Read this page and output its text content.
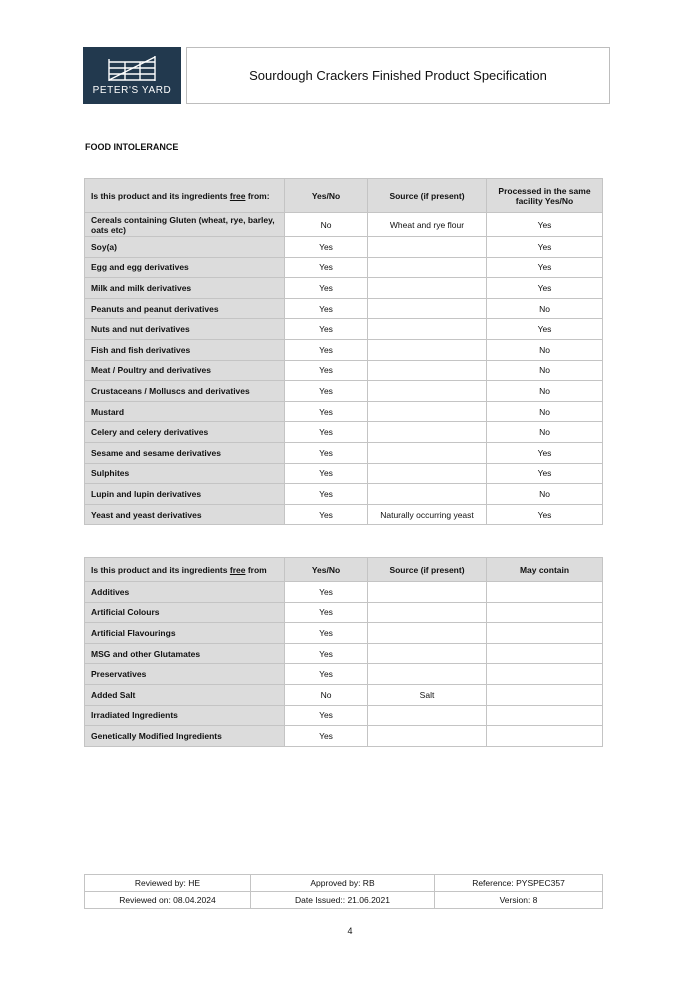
PETER'S YARD
Sourdough Crackers Finished Product Specification
FOOD INTOLERANCE
Is this product and its ingredients free from:	Yes/No	Source (if present)	Processed in the same facility Yes/No
Cereals containing Gluten (wheat, rye, barley, oats etc)	No	Wheat and rye flour	Yes
Soy(a)	Yes		Yes
Egg and egg derivatives	Yes		Yes
Milk and milk derivatives	Yes		Yes
Peanuts and peanut derivatives	Yes		No
Nuts and nut derivatives	Yes		Yes
Fish and fish derivatives	Yes		No
Meat / Poultry and derivatives	Yes		No
Crustaceans / Molluscs and derivatives	Yes		No
Mustard	Yes		No
Celery and celery derivatives	Yes		No
Sesame and sesame derivatives	Yes		Yes
Sulphites	Yes		Yes
Lupin and lupin derivatives	Yes		No
Yeast and yeast derivatives	Yes	Naturally occurring yeast	Yes
Is this product and its ingredients free from	Yes/No	Source (if present)	May contain
Additives	Yes		
Artificial Colours	Yes		
Artificial Flavourings	Yes		
MSG and other Glutamates	Yes		
Preservatives	Yes		
Added Salt	No	Salt	
Irradiated Ingredients	Yes		
Genetically Modified Ingredients	Yes		
Reviewed by: HE	Approved by: RB	Reference: PYSPEC357
Reviewed on: 08.04.2024	Date Issued:: 21.06.2021	Version: 8
4
